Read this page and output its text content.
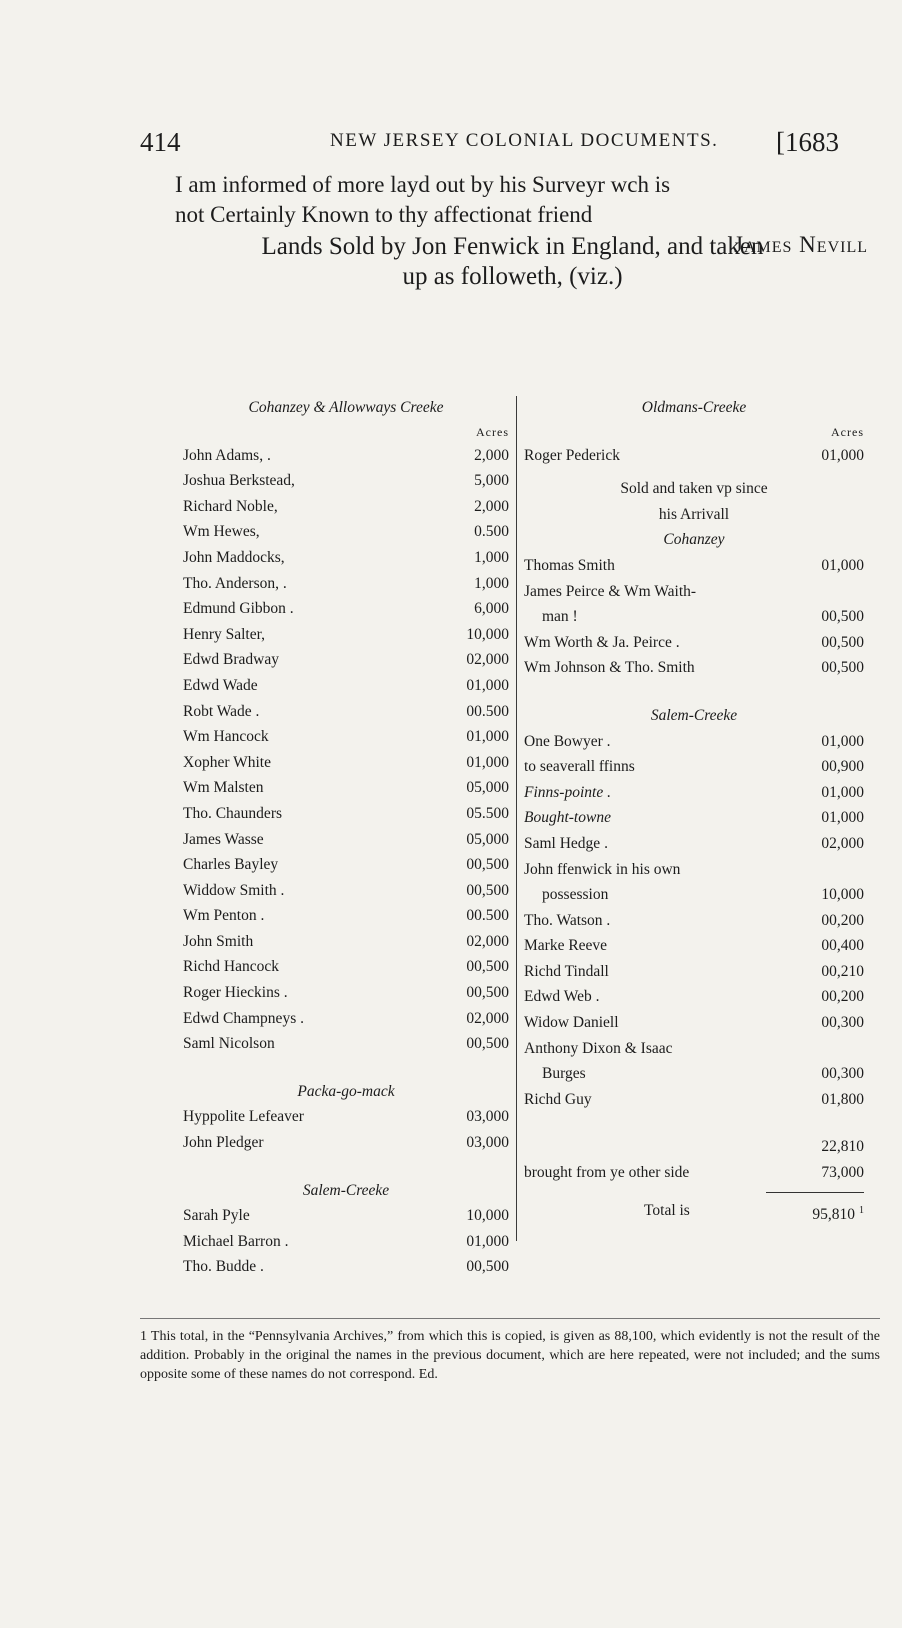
414	NEW JERSEY COLONIAL DOCUMENTS. [1683

I am informed of more layd out by his Surveyr wch is

not Certainly Known to thy affectionat friend

James Nevill

Lands Sold by Jon Fenwick in England, and taken
up as followeth, (viz.)
Cohanzey & Allowways Creeke
Acres
John Adams, .	2,000
Joshua Berkstead,	5,000
Richard Noble,	2,000
Wm Hewes,	0.500
John Maddocks,	1,000
Tho. Anderson, .	1,000
Edmund Gibbon .	6,000
Henry Salter,	10,000
Edwd Bradway	02,000
Edwd Wade	01,000
Robt Wade .	00.500
Wm Hancock	01,000
Xopher White	01,000
Wm Malsten	05,000
Tho. Chaunders	05.500
James Wasse	05,000
Charles Bayley	00,500
Widdow Smith .	00,500
Wm Penton .	00.500
John Smith	02,000
Richd Hancock	00,500
Roger Hieckins .	00,500
Edwd Champneys .	02,000
Saml Nicolson	00,500
Packa-go-mack
Hyppolite Lefeaver	03,000
John Pledger	03,000
Salem-Creeke
Sarah Pyle	10,000
Michael Barron .	01,000
Tho. Budde .	00,500
Oldmans-Creeke
Acres
Roger Pederick	01,000
Sold and taken vp since
his Arrivall
Cohanzey
Thomas Smith	01,000
James Peirce & Wm Waith-
man !	00,500
Wm Worth & Ja. Peirce .	00,500
Wm Johnson & Tho. Smith	00,500
Salem-Creeke
One Bowyer .	01,000
to seaverall ffinns	00,900
Finns-pointe .	01,000
Bought-towne	01,000
Saml Hedge .	02,000
John ffenwick in his own
possession	10,000
Tho. Watson .	00,200
Marke Reeve	00,400
Richd Tindall	00,210
Edwd Web .	00,200
Widow Daniell	00,300
Anthony Dixon & Isaac
Burges	00,300
Richd Guy	01,800
22,810
brought from ye other side	73,000
Total is	95,810 $^1$
1 This total, in the “Pennsylvania Archives,” from which this is copied, is given as 88,100, which evidently is not the result of the addition. Probably in the original the names in the previous document, which are here repeated, were not included; and the sums opposite some of these names do not correspond. Ed.
